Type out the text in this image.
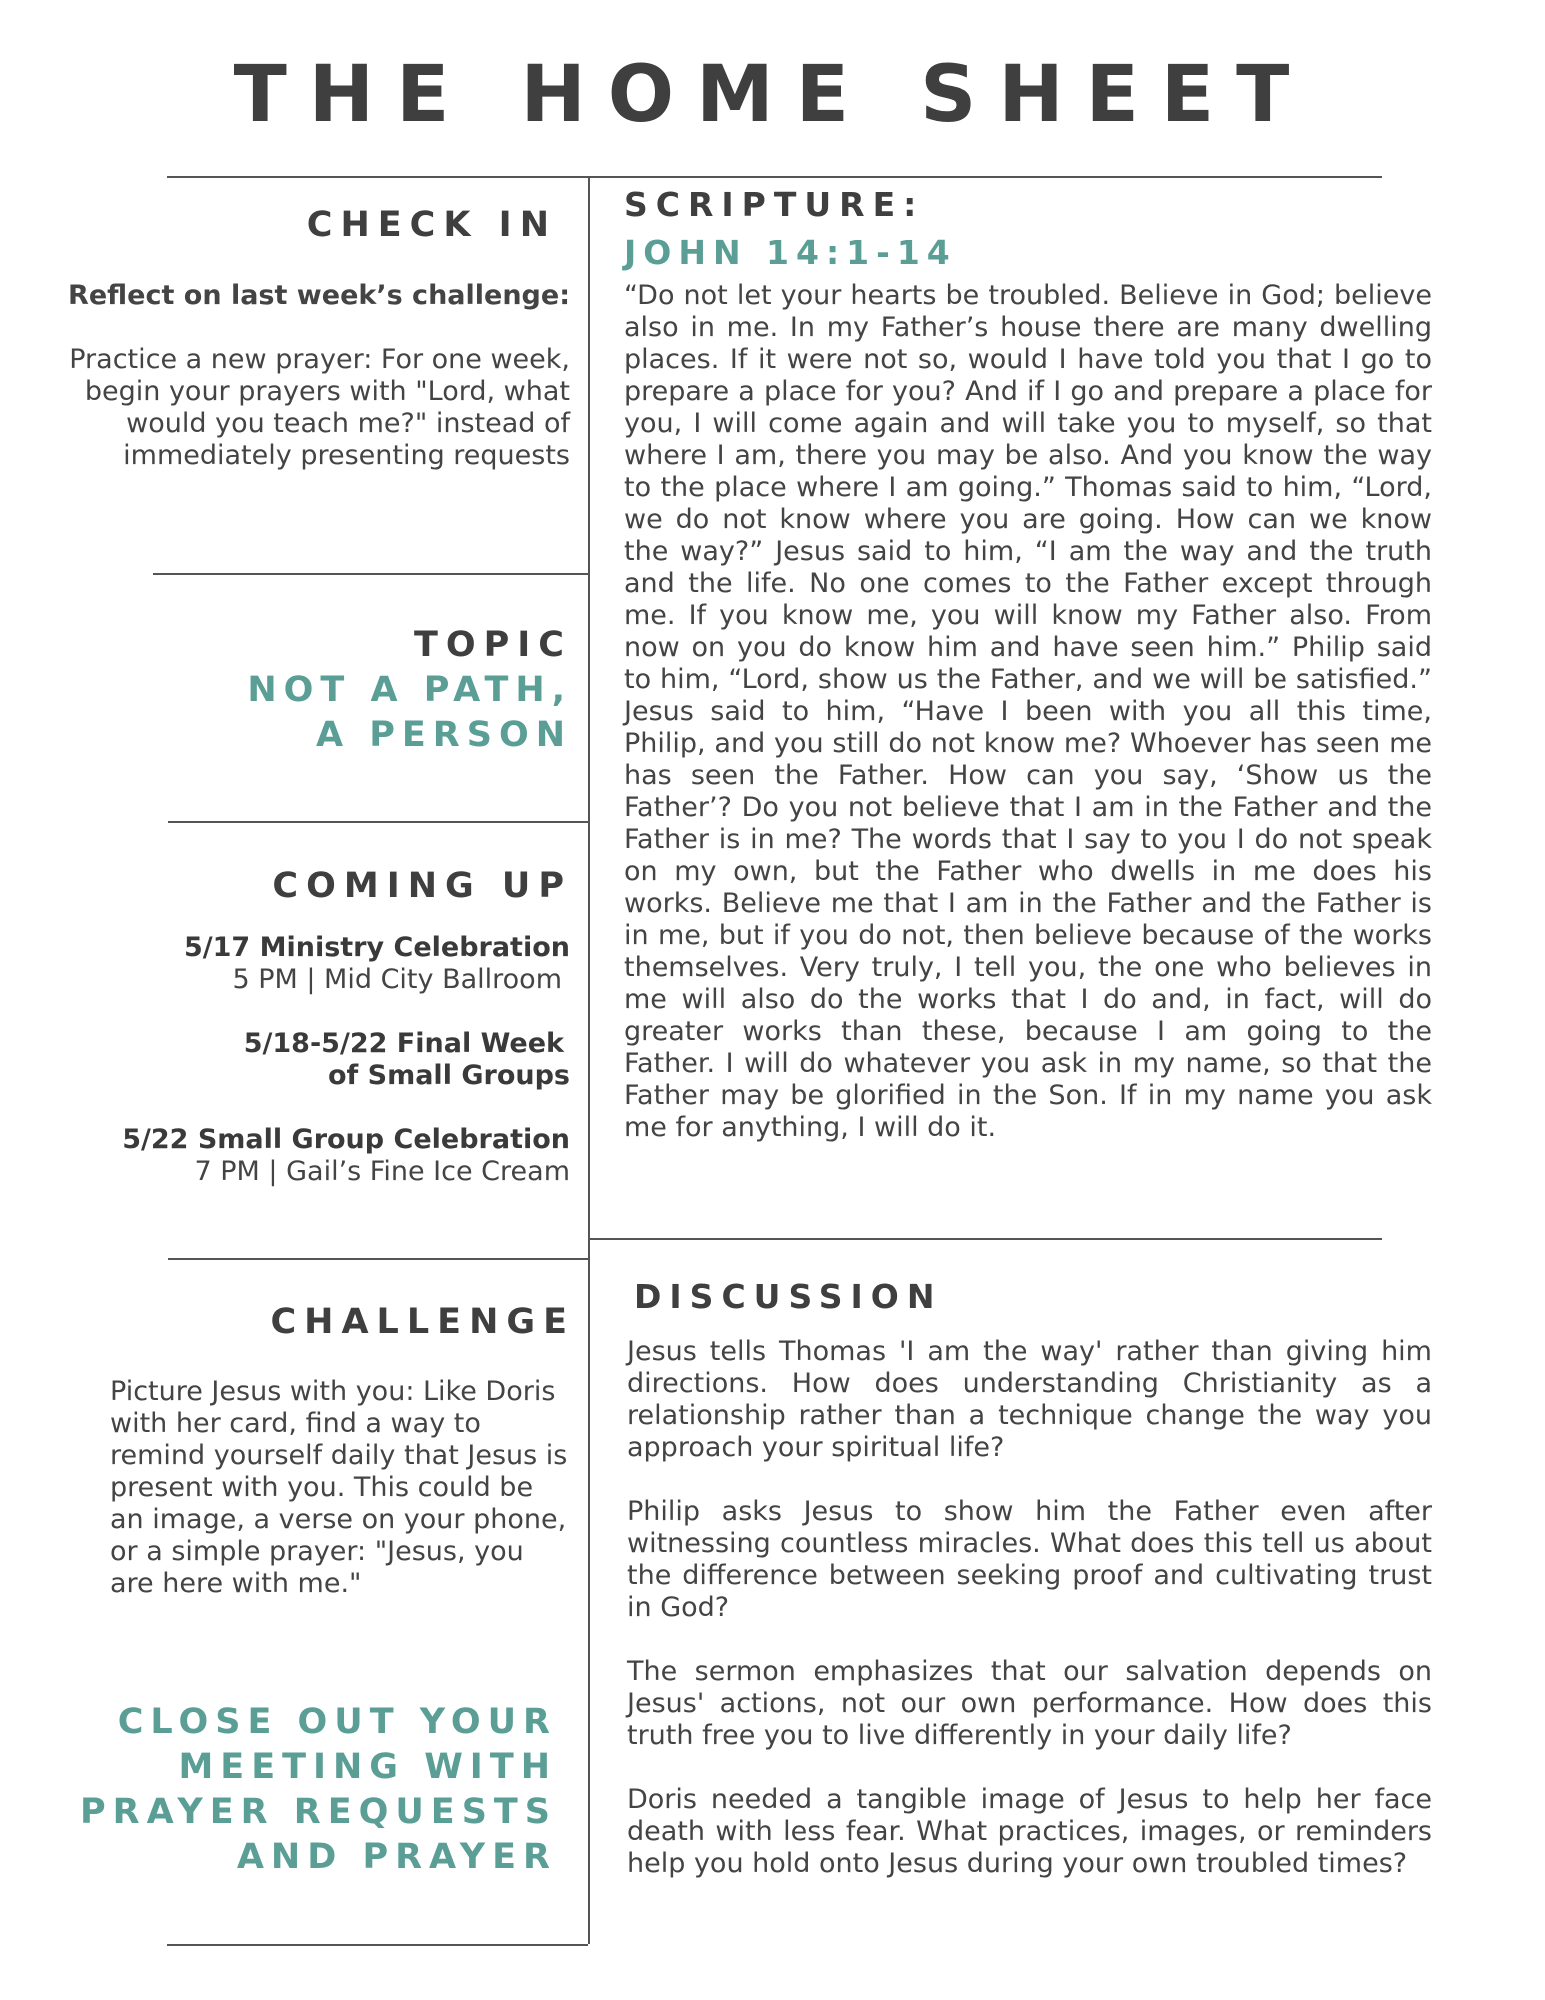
THE HOME SHEET
CHECK IN
Reflect on last week’s challenge:
Practice a new prayer: For one week, begin your prayers with "Lord, what would you teach me?" instead of immediately presenting requests
TOPIC
NOT A PATH,
A PERSON
COMING UP
5/17 Ministry Celebration
5 PM | Mid City Ballroom
5/18-5/22 Final Week
of Small Groups
5/22 Small Group Celebration
7 PM | Gail’s Fine Ice Cream
CHALLENGE
Picture Jesus with you: Like Doris with her card, find a way to remind yourself daily that Jesus is present with you. This could be an image, a verse on your phone, or a simple prayer: "Jesus, you are here with me."
CLOSE OUT YOUR
MEETING WITH
PRAYER REQUESTS
AND PRAYER
SCRIPTURE:
JOHN 14:1-14
“Do not let your hearts be troubled. Believe in God; believe also in me. In my Father’s house there are many dwelling places. If it were not so, would I have told you that I go to prepare a place for you? And if I go and prepare a place for you, I will come again and will take you to myself, so that where I am, there you may be also. And you know the way to the place where I am going.” Thomas said to him, “Lord, we do not know where you are going. How can we know the way?” Jesus said to him, “I am the way and the truth and the life. No one comes to the Father except through me. If you know me, you will know my Father also. From now on you do know him and have seen him.” Philip said to him, “Lord, show us the Father, and we will be satisfied.” Jesus said to him, “Have I been with you all this time, Philip, and you still do not know me? Whoever has seen me has seen the Father. How can you say, ‘Show us the Father’? Do you not believe that I am in the Father and the Father is in me? The words that I say to you I do not speak on my own, but the Father who dwells in me does his works. Believe me that I am in the Father and the Father is in me, but if you do not, then believe because of the works themselves. Very truly, I tell you, the one who believes in me will also do the works that I do and, in fact, will do greater works than these, because I am going to the Father. I will do whatever you ask in my name, so that the Father may be glorified in the Son. If in my name you ask me for anything, I will do it.
DISCUSSION

Jesus tells Thomas 'I am the way' rather than giving him directions. How does understanding Christianity as a relationship rather than a technique change the way you approach your spiritual life?

Philip asks Jesus to show him the Father even after witnessing countless miracles. What does this tell us about the difference between seeking proof and cultivating trust in God?

The sermon emphasizes that our salvation depends on Jesus' actions, not our own performance. How does this truth free you to live differently in your daily life?

Doris needed a tangible image of Jesus to help her face death with less fear. What practices, images, or reminders help you hold onto Jesus during your own troubled times?
